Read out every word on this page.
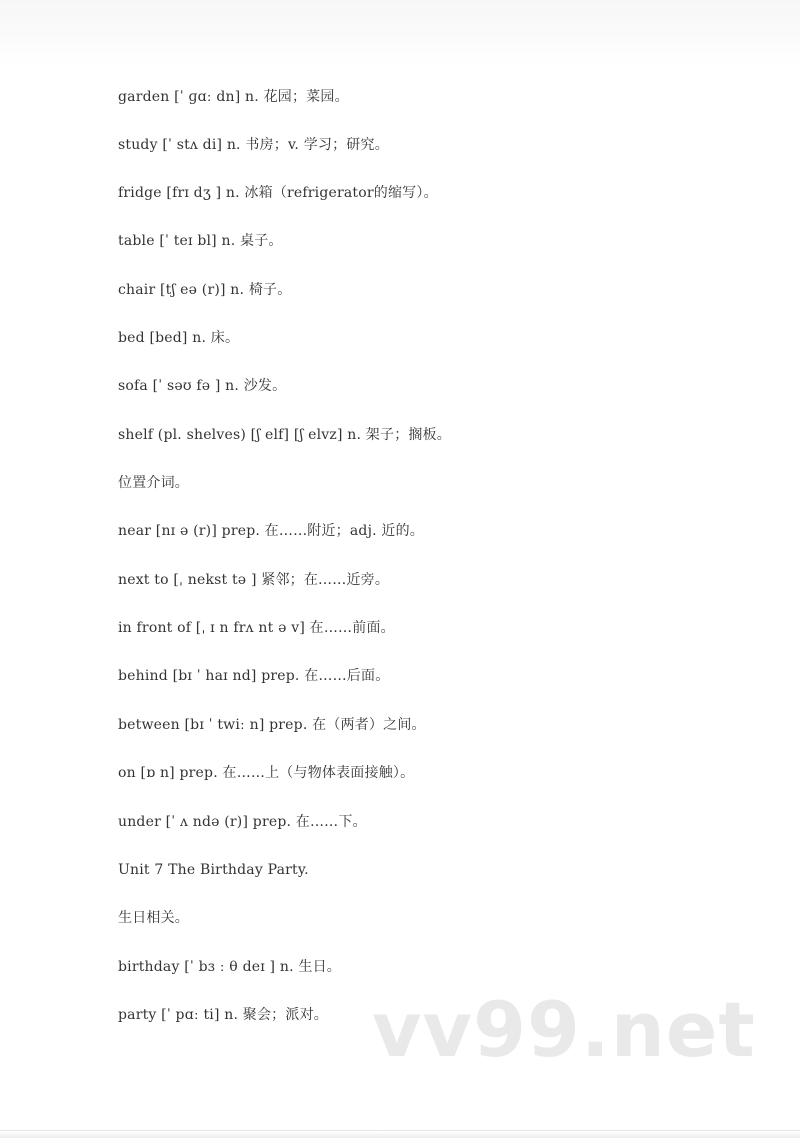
garden [ˈ ɡɑː dn] n. 花园；菜园。
study [ˈ stʌ di] n. 书房；v. 学习；研究。
fridge [frɪ dʒ ] n. 冰箱（refrigerator的缩写）。
table [ˈ teɪ bl] n. 桌子。
chair [tʃ eə (r)] n. 椅子。
bed [bed] n. 床。
sofa [ˈ səʊ fə ] n. 沙发。
shelf (pl. shelves) [ʃ elf] [ʃ elvz] n. 架子；搁板。
位置介词。
near [nɪ ə (r)] prep. 在……附近；adj. 近的。
next to [ˌ nekst tə ] 紧邻；在……近旁。
in front of [ˌ ɪ n frʌ nt ə v] 在……前面。
behind [bɪ ˈ haɪ nd] prep. 在……后面。
between [bɪ ˈ twiː n] prep. 在（两者）之间。
on [ɒ n] prep. 在……上（与物体表面接触）。
under [ˈ ʌ ndə (r)] prep. 在……下。
Unit 7 The Birthday Party.
生日相关。
birthday [ˈ bɜ ː θ deɪ ] n. 生日。
party [ˈ pɑː ti] n. 聚会；派对。 vv99.net
